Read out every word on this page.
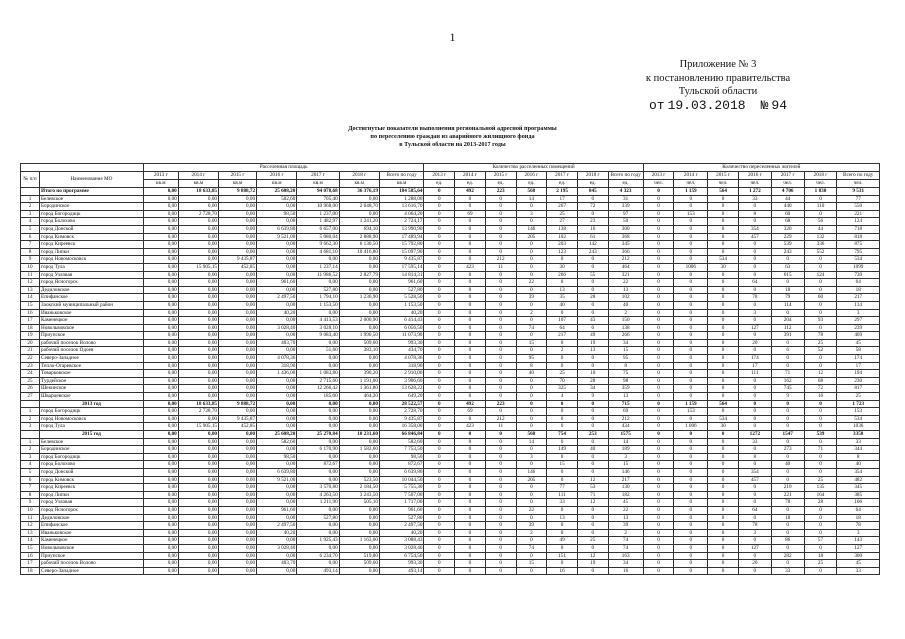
1
Приложение № 3
к постановлению правительства
Тульской области
от 19.03.2018 № 94
Достигнутые показатели выполнения региональной адресной программы
по переселению граждан из аварийного жилищного фонда
в Тульской области на 2013-2017 годы
		Расселенная площадь							Количество расселенных помещений							Количество переселенных жителей						
№ п/п	Наименование МО	2013 г	2014 г	2015 г	2016 г	2017 г	2018 г	Всего по году	2013 г	2014 г	2015 г	2016 г	2017 г	2018 г	Всего по году	2013 г	2014 г	2015 г	2016 г	2017 г	2018 г	Всего по году
		кв.м	кв.м	кв.м	кв.м	кв.м	кв.м	кв.м	ед.	ед.	ед.	ед.	ед.	ед.	ед.	чел.	чел.	чел.	чел.	чел.	чел.	чел.
	Итого по программе	0,00	18 633,85	9 888,72	25 608,20	94 078,68	36 376,19	184 585,64	0	492	223	568	2 195	845	4 323	0	1 159	564	1 272	4 706	1 830	9 531
1	Белевское	0,00	0,00	0,00	582,60	705,40	0,00	1 288,00	0	0	0	14	17	0	31	0	0	0	33	44	0	77
2	Бородинское	0,00	0,00	0,00	0,00	10 968,00	2 648,70	13 616,70	0	0	0	0	267	72	339	0	0	0	0	440	110	550
3	город Богородицк	0,00	2 728,70	0,00	98,50	1 237,00	0,00	4 064,20	0	69	0	3	25	0	97	0	153	0	8	60	0	221
4	город Болохово	0,00	0,00	0,00	0,00	1 482,97	1 241,20	2 724,17	0	0	0	0	27	23	50	0	0	0	0	68	56	124
5	город Донской	0,00	0,00	0,00	6 639,80	6 657,00	694,10	13 990,90	0	0	0	146	138	16	300	0	0	0	354	320	44	718
6	город Кимовск	0,00	0,00	0,00	9 521,00	5 080,04	2 888,90	17 489,94	0	0	0	205	102	61	368	0	0	0	457	229	132	818
7	город Киреевск	0,00	0,00	0,00	0,00	9 662,30	6 130,50	15 792,80	0	0	0	0	203	142	345	0	0	0	0	539	336	875
8	город Липки	0,00	0,00	0,00	0,00	4 681,10	10 416,80	15 097,90	0	0	0	0	123	243	366	0	0	0	0	243	552	795
9	город Новомосковск	0,00	0,00	9 435,87	0,00	0,00	0,00	9 435,87	0	0	212	0	0	0	212	0	0	534	0	0	0	534
10	город Тула	0,00	15 905,15	452,85	0,00	1 237,14	0,00	17 595,14	0	423	11	0	30	0	464	0	1006	30	0	63	0	1099
11	город Узловая	0,00	0,00	0,00	0,00	11 986,52	2 827,79	14 814,31	0	0	0	0	266	55	321	0	0	0	0	615	124	739
12	город Ясногорск	0,00	0,00	0,00	961,60	0,00	0,00	961,60	0	0	0	22	0	0	22	0	0	0	64	0	0	64
13	Дедиловское	0,00	0,00	0,00	0,00	527,80	0,00	527,80	0	0	0	0	13	0	13	0	0	0	0	18	0	18
14	Епифанское	0,00	0,00	0,00	2 497,50	1 794,10	1 236,90	5 528,50	0	0	0	39	35	28	102	0	0	0	78	79	60	217
15	Заокский муниципальный район	0,00	0,00	0,00	0,00	1 153,50	0,00	1 153,50	0	0	0	0	40	0	40	0	0	0	0	114	0	114
16	Иваньковское	0,00	0,00	0,00	40,20	0,00	0,00	40,20	0	0	0	2	0	0	2	0	0	0	3	0	0	3
17	Каменецкое	0,00	0,00	0,00	0,00	4 413,53	2 000,90	6 414,43	0	0	0	0	107	43	150	0	0	0	0	204	93	297
18	Новольвовское	0,00	0,00	0,00	3 028,40	3 028,10	0,00	6 056,50	0	0	0	74	64	0	138	0	0	0	127	112	0	239
19	Приупское	0,00	0,00	0,00	0,00	9 083,40	1 990,50	11 073,90	0	0	0	0	217	49	266	0	0	0	0	391	78	469
20	рабочий поселок Волово	0,00	0,00	0,00	483,70	0,00	509,60	993,30	0	0	0	15	0	19	34	0	0	0	20	0	25	45
21	рабочий поселок Одоев	0,00	0,00	0,00	0,00	51,60	383,10	434,70	0	0	0	0	2	13	15	0	0	0	0	6	52	58
22	Северо-Западное	0,00	0,00	0,00	4 078,36	0,00	0,00	4 078,36	0	0	0	95	0	0	95	0	0	0	174	0	0	174
23	Тепло-Огаревское	0,00	0,00	0,00	318,90	0,00	0,00	318,90	0	0	0	8	0	0	8	0	0	0	17	0	0	17
24	Товарковское	0,00	0,00	0,00	1 436,00	1 083,80	390,20	2 910,00	0	0	0	40	25	10	75	0	0	0	111	71	12	194
25	Турдейское	0,00	0,00	0,00	0,00	2 715,60	1 191,00	3 906,60	0	0	0	0	70	28	98	0	0	0	0	162	68	230
26	Шекинское	0,00	0,00	0,00	0,00	12 266,42	1 361,80	13 628,22	0	0	0	0	325	34	359	0	0	0	0	745	72	817
27	Шварцевское	0,00	0,00	0,00	0,00	185,00	464,20	649,20	0	0	0	0	4	9	13	0	0	0	0	9	16	25
	2013 год	0,00	18 633,85	9 888,72	0,00	0,00	0,00	28 522,57	0	492	223	0	0	0	715	0	1 159	564	0	0	0	1 723
1	город Богородицк	0,00	2 728,70	0,00	0,00	0,00	0,00	2 728,70	0	69	0	0	0	0	69	0	153	0	0	0	0	153
2	город Новомосковск	0,00	0,00	9 435,87	0,00	0,00	0,00	9 435,87	0	0	212	0	0	0	212	0	0	534	0	0	0	534
3	город Тула	0,00	15 905,15	452,85	0,00	0,00	0,00	16 358,00	0	423	11	0	0	0	434	0	1 006	30	0	0	0	1036
	2015 год	0,00	0,00	0,00	25 608,20	25 270,84	10 231,60	66 846,84	0	0	0	568	754	253	1575	0	0	0	1272	1547	539	3358
1	Белевское	0,00	0,00	0,00	582,60	0,00	0,00	582,60	0	0	0	14	0	0	14	0	0	0	33	0	0	33
2	Бородинское	0,00	0,00	0,00	0,00	6 170,90	1 582,60	7 753,50	0	0	0	0	149	40	189	0	0	0	0	273	71	344
3	город Богородицк	0,00	0,00	0,00	98,50	0,00	0,00	98,50	0	0	0	3	0	0	3	0	0	0	8	0	0	8
4	город Болохово	0,00	0,00	0,00	0,00	872,67	0,00	872,67	0	0	0	0	15	0	15	0	0	0	0	40	0	40
5	город Донской	0,00	0,00	0,00	6 639,80	0,00	0,00	6 639,80	0	0	0	146	0	0	146	0	0	0	354	0	0	354
6	город Кимовск	0,00	0,00	0,00	9 521,00	0,00	523,50	10 044,50	0	0	0	205	0	12	217	0	0	0	457	0	25	482
7	город Киреевск	0,00	0,00	0,00	0,00	3 570,80	2 184,50	5 755,30	0	0	0	0	77	53	130	0	0	0	0	210	135	345
8	город Липки	0,00	0,00	0,00	0,00	4 263,50	3 243,50	7 507,00	0	0	0	0	111	71	182	0	0	0	0	221	164	385
9	город Узловая	0,00	0,00	0,00	0,00	1 211,90	505,10	1 717,00	0	0	0	0	33	12	45	0	0	0	0	78	28	106
10	город Ясногорск	0,00	0,00	0,00	961,60	0,00	0,00	961,60	0	0	0	22	0	0	22	0	0	0	64	0	0	64
11	Дедиловское	0,00	0,00	0,00	0,00	527,80	0,00	527,80	0	0	0	0	13	0	13	0	0	0	0	18	0	18
12	Епифанское	0,00	0,00	0,00	2 497,50	0,00	0,00	2 497,50	0	0	0	39	0	0	39	0	0	0	78	0	0	78
13	Иваньковское	0,00	0,00	0,00	40,20	0,00	0,00	40,20	0	0	0	2	0	0	2	0	0	0	3	0	0	3
14	Каменецкое	0,00	0,00	0,00	0,00	1 925,43	1 163,00	3 088,43	0	0	0	0	49	25	74	0	0	0	0	86	57	143
15	Новольвовское	0,00	0,00	0,00	3 028,40	0,00	0,00	3 028,40	0	0	0	74	0	0	74	0	0	0	127	0	0	127
16	Приупское	0,00	0,00	0,00	0,00	6 234,70	519,80	6 754,50	0	0	0	0	151	12	163	0	0	0	0	282	18	300
17	рабочий поселок Волово	0,00	0,00	0,00	483,70	0,00	509,60	993,30	0	0	0	15	0	19	34	0	0	0	20	0	25	45
18	Северо-Западное	0,00	0,00	0,00	0,00	493,14	0,00	493,14	0	0	0	0	16	0	16	0	0	0	0	33	0	33
